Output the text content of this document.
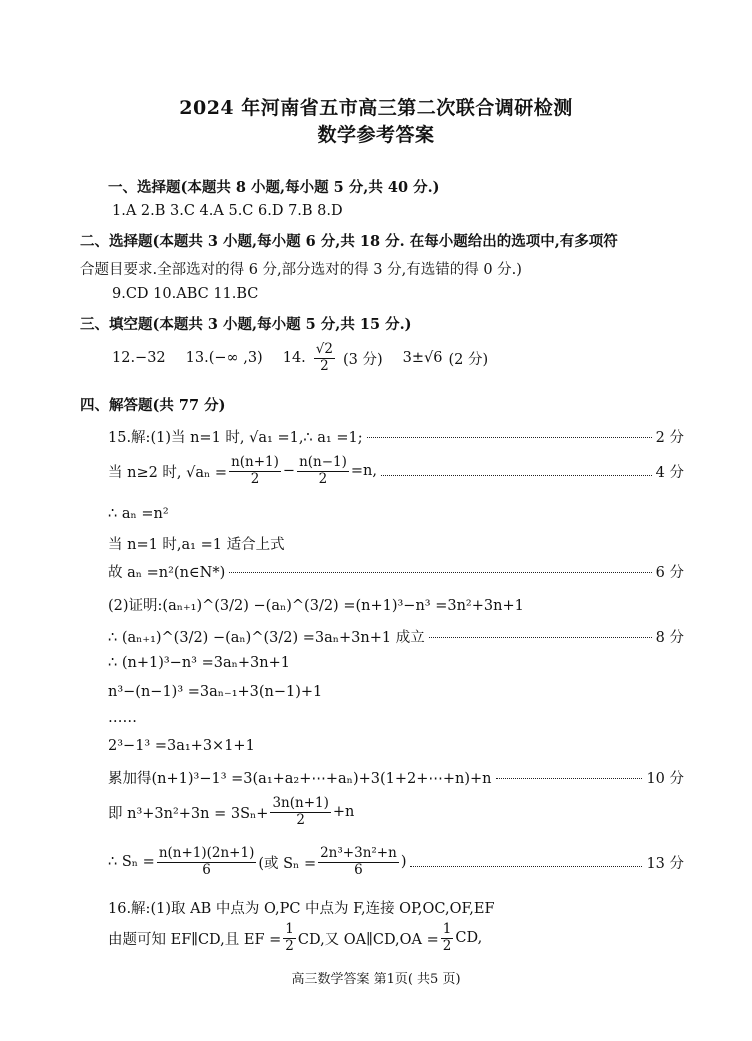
2024 年河南省五市高三第二次联合调研检测
数学参考答案
一、选择题(本题共 8 小题,每小题 5 分,共 40 分.)
1.A 2.B 3.C 4.A 5.C 6.D 7.B 8.D
二、选择题(本题共 3 小题,每小题 6 分,共 18 分. 在每小题给出的选项中,有多项符
合题目要求.全部选对的得 6 分,部分选对的得 3 分,有选错的得 0 分.)
9.CD 10.ABC 11.BC
三、填空题(本题共 3 小题,每小题 5 分,共 15 分.)
12.−32 13.(−∞ ,3) 14. $\frac{√2}{2} (3$ 分) 3±√6 (2 分)
四、解答题(共 77 分)
15.解:(1)当 n=1 时, √a₁ =1,∴ a₁ =1;	2 分
当 n≥2 时, $√a_n = \frac{n(n+1)}{2} - \frac{n(n-1)}{2} =n$,	4 分
∴ aₙ =n²
当 n=1 时,a₁ =1 适合上式
故 aₙ =n²(n∈N*)	6 分
(2)证明:(aₙ₊₁)^(3/2) −(aₙ)^(3/2) =(n+1)³−n³ =3n²+3n+1
∴ (aₙ₊₁)^(3/2) −(aₙ)^(3/2) =3aₙ+3n+1 成立	8 分
∴ (n+1)³−n³ =3aₙ+3n+1
n³−(n−1)³ =3aₙ₋₁+3(n−1)+1
……
2³−1³ =3a₁+3×1+1
累加得(n+1)³−1³ =3(a₁+a₂+⋯+aₙ)+3(1+2+⋯+n)+n	10 分
即 $n^3+3n^2+3n = 3S_n+ \frac{3n(n+1)}{2} +n$
∴ $S_n = \frac{n(n+1)(2n+1)}{6}$ (或 $S_n = \frac{\text{2n³+3n²+n}}{6}$ )	13 分
16.解:(1)取 AB 中点为 O,PC 中点为 F,连接 OP,OC,OF,EF
由题可知 EF∥CD,且 EF = $\frac{1}{2}$ CD,又 OA∥CD,OA = $\frac{1}{2}$ CD,
高三数学答案 第1页( 共5 页)
